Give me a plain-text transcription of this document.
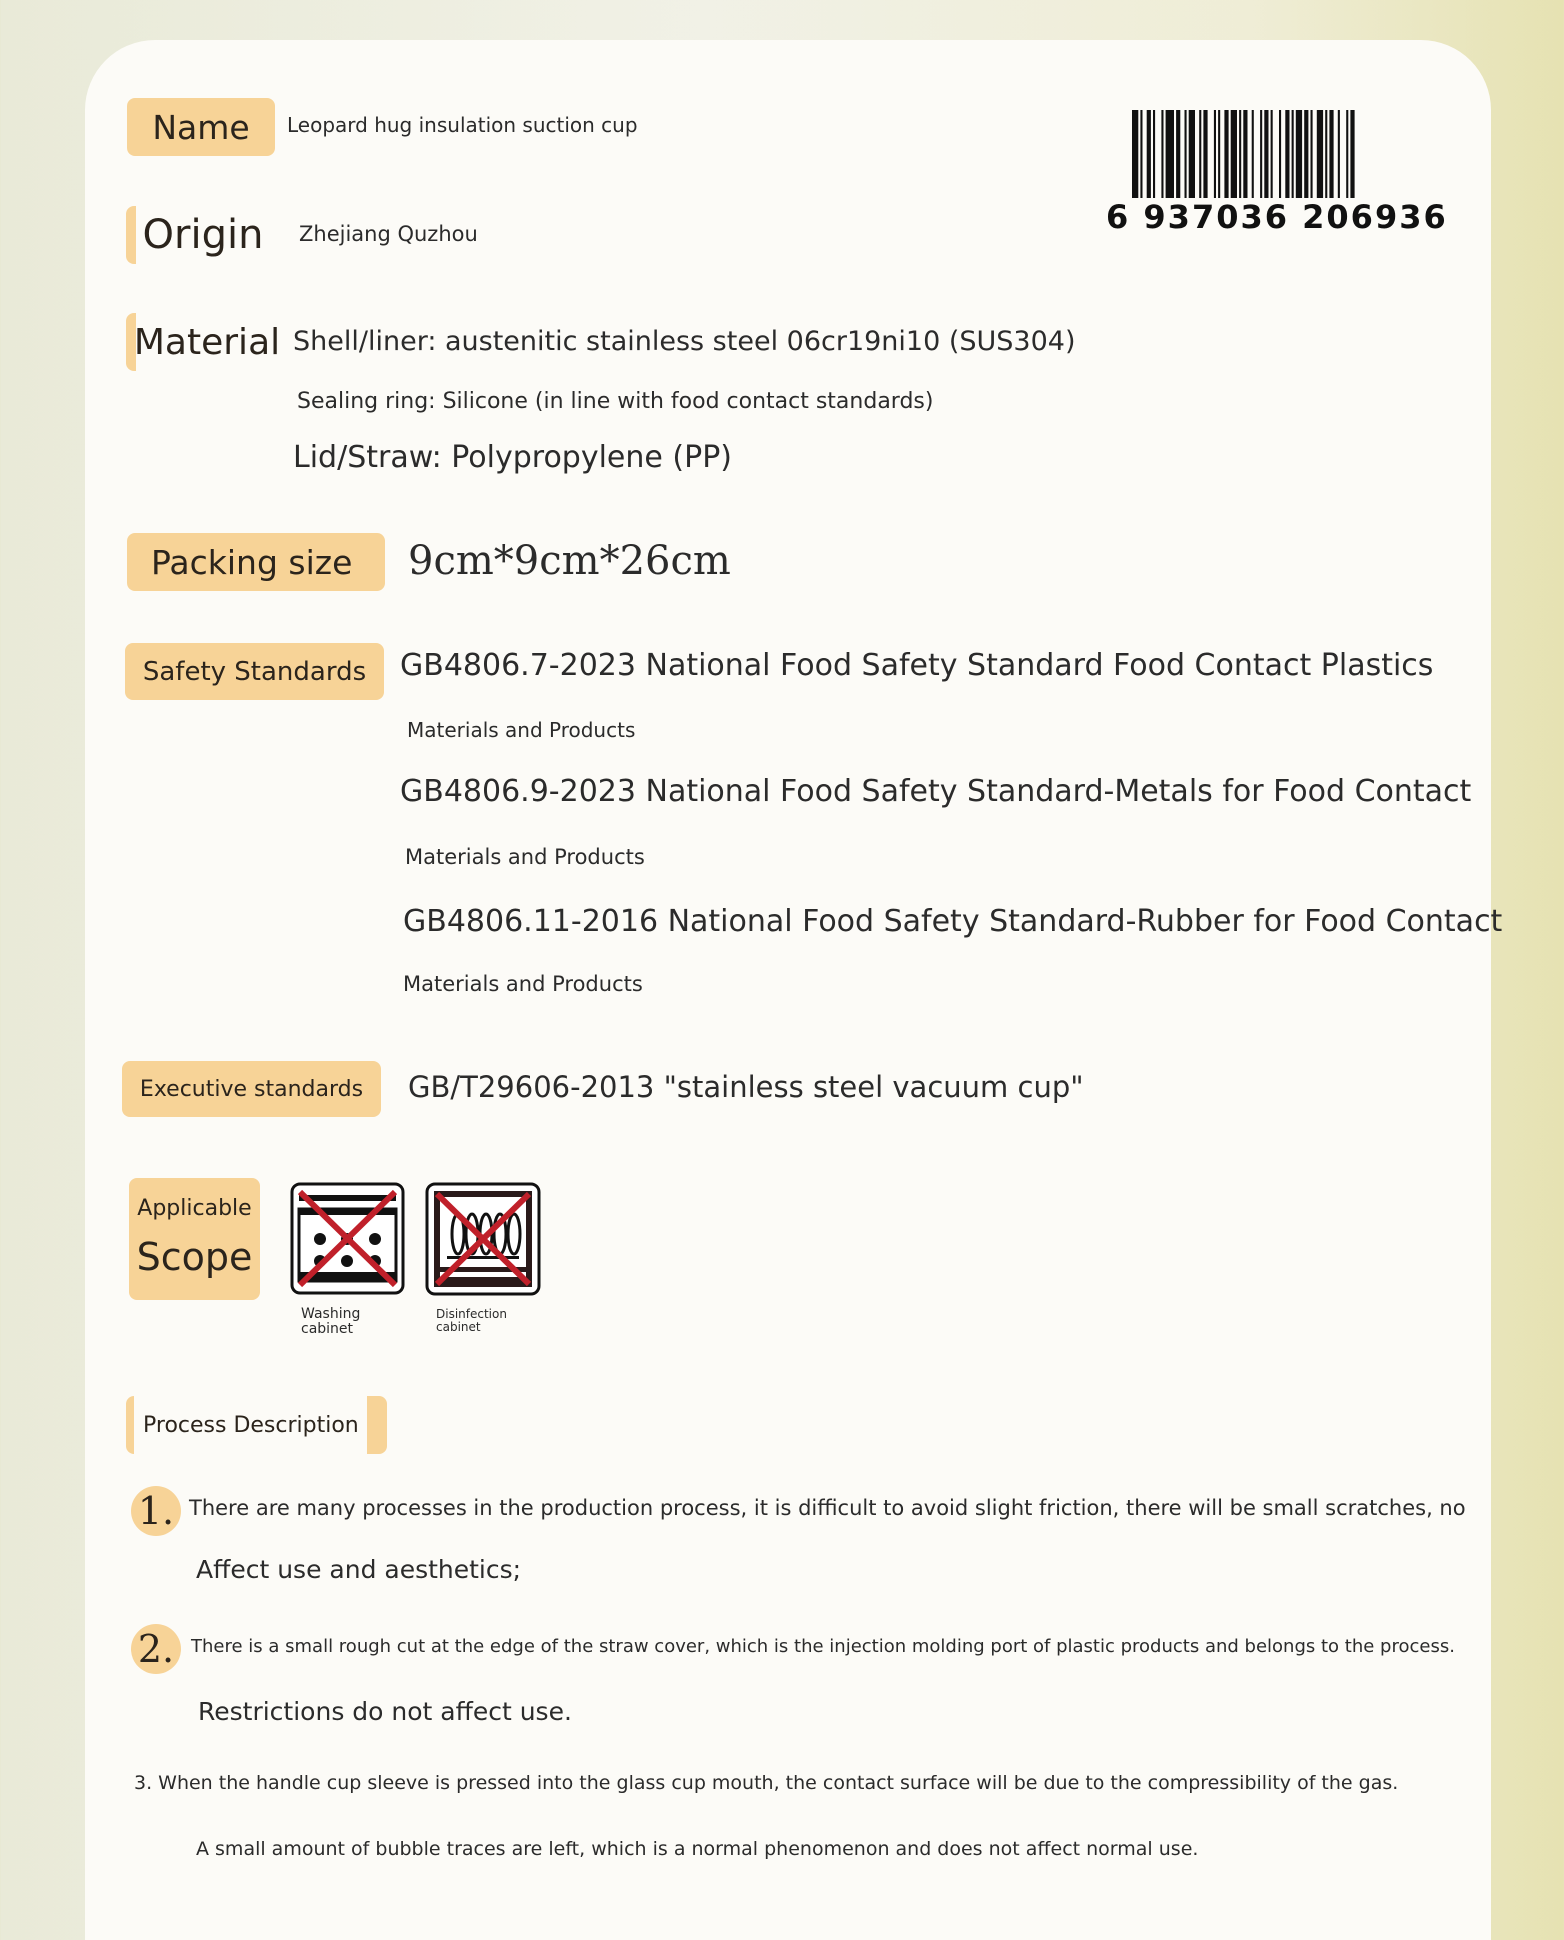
Name	Leopard hug insulation suction cup
6 937036 206936
Origin	Zhejiang Quzhou
Material Shell/liner: austenitic stainless steel 06cr19ni10 (SUS304)
Sealing ring: Silicone (in line with food contact standards)
Lid/Straw: Polypropylene (PP)
Packing size	9cm*9cm*26cm
Safety Standards	GB4806.7-2023 National Food Safety Standard Food Contact Plastics
Materials and Products
GB4806.9-2023 National Food Safety Standard-Metals for Food Contact
Materials and Products
GB4806.11-2016 National Food Safety Standard-Rubber for Food Contact
Materials and Products
Executive standards	GB/T29606-2013 "stainless steel vacuum cup"
Applicable
Scope
Washing
cabinet
Disinfection
cabinet
Process Description
1. There are many processes in the production process, it is difficult to avoid slight friction, there will be small scratches, no
Affect use and aesthetics;
2. There is a small rough cut at the edge of the straw cover, which is the injection molding port of plastic products and belongs to the process.
Restrictions do not affect use.
3. When the handle cup sleeve is pressed into the glass cup mouth, the contact surface will be due to the compressibility of the gas.
A small amount of bubble traces are left, which is a normal phenomenon and does not affect normal use.
